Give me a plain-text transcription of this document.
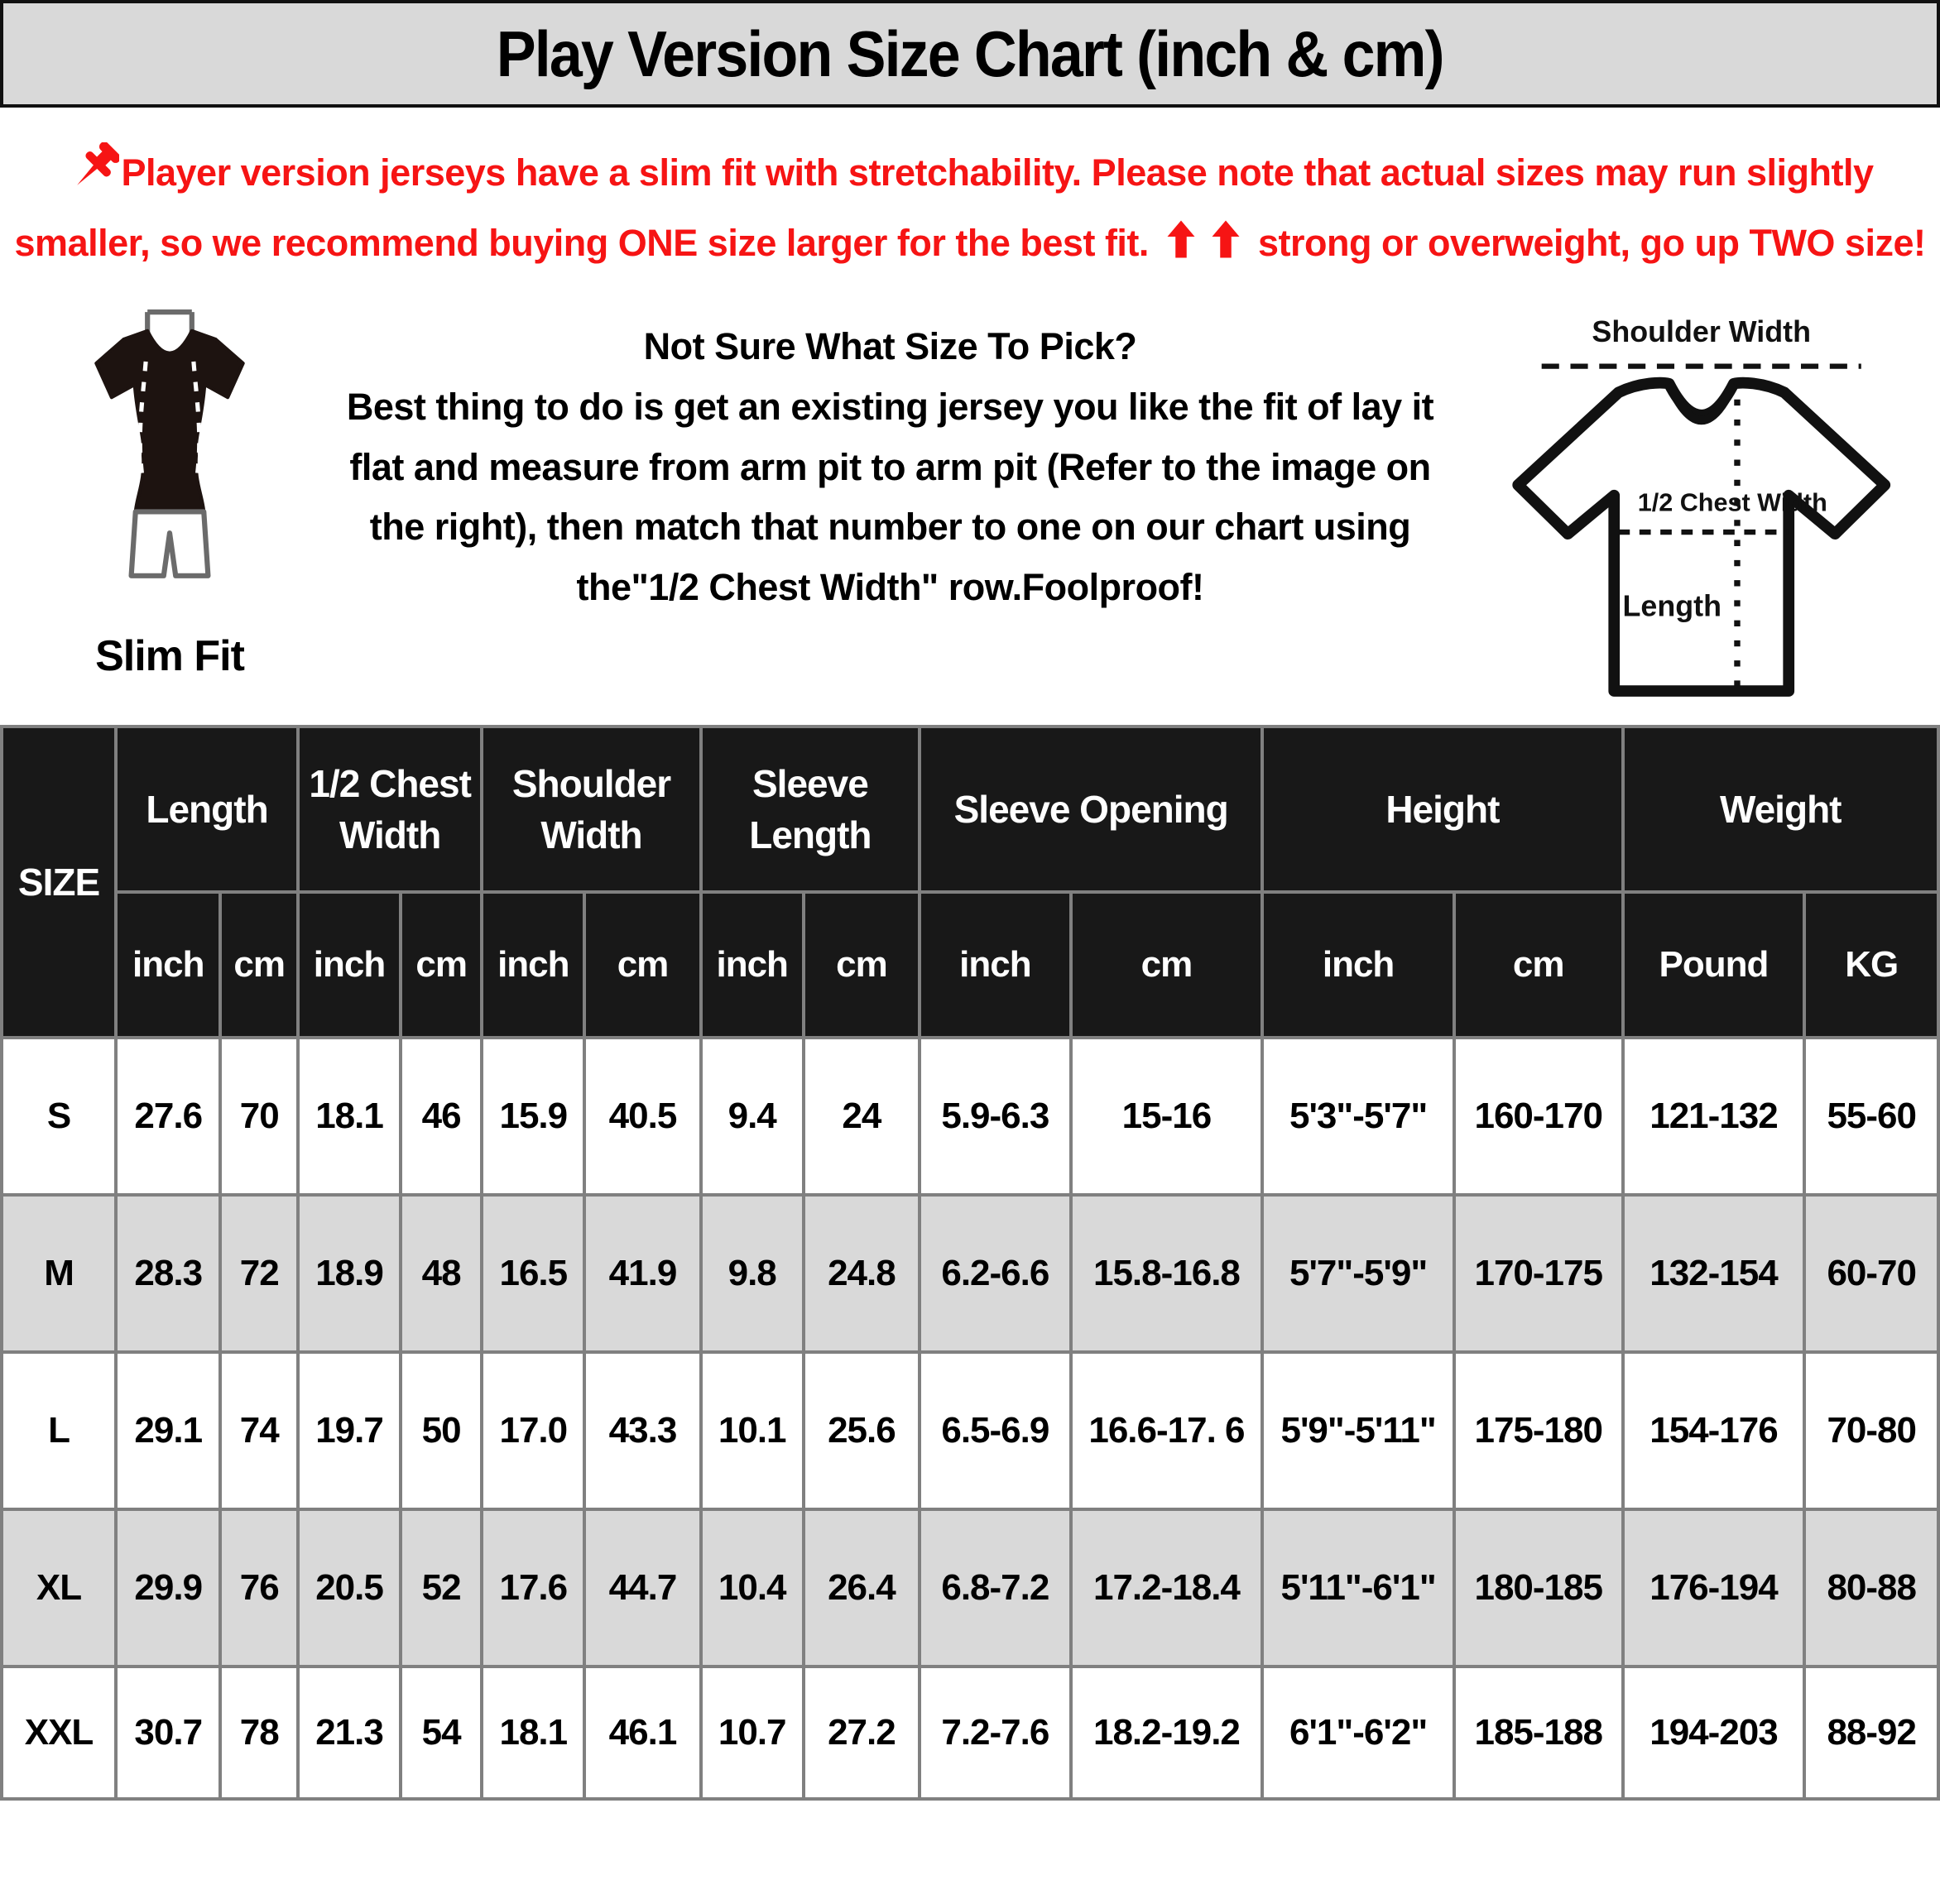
Play Version Size Chart (inch & cm)
Player version jerseys have a slim fit with stretchability. Please note that actual sizes may run slightly smaller, so we recommend buying ONE size larger for the best fit.	strong or overweight, go up TWO size!
Slim Fit
Not Sure What Size To Pick?
Best thing to do is get an existing jersey you like the fit of lay it flat and measure from arm pit to arm pit (Refer to the image on the right), then match that number to one on our chart using the"1/2 Chest Width" row.Foolproof!
Shoulder Width
1/2 Chest Width
Length
SIZE	Length		1/2 Chest Width		Shoulder Width		Sleeve Length		Sleeve Opening		Height		Weight	
	inch	cm	inch	cm	inch	cm	inch	cm	inch	cm	inch	cm	Pound	KG
S	27.6	70	18.1	46	15.9	40.5	9.4	24	5.9-6.3	15-16	5'3"-5'7"	160-170	121-132	55-60
M	28.3	72	18.9	48	16.5	41.9	9.8	24.8	6.2-6.6	15.8-16.8	5'7"-5'9"	170-175	132-154	60-70
L	29.1	74	19.7	50	17.0	43.3	10.1	25.6	6.5-6.9	16.6-17. 6	5'9"-5'11"	175-180	154-176	70-80
XL	29.9	76	20.5	52	17.6	44.7	10.4	26.4	6.8-7.2	17.2-18.4	5'11"-6'1"	180-185	176-194	80-88
XXL	30.7	78	21.3	54	18.1	46.1	10.7	27.2	7.2-7.6	18.2-19.2	6'1"-6'2"	185-188	194-203	88-92
